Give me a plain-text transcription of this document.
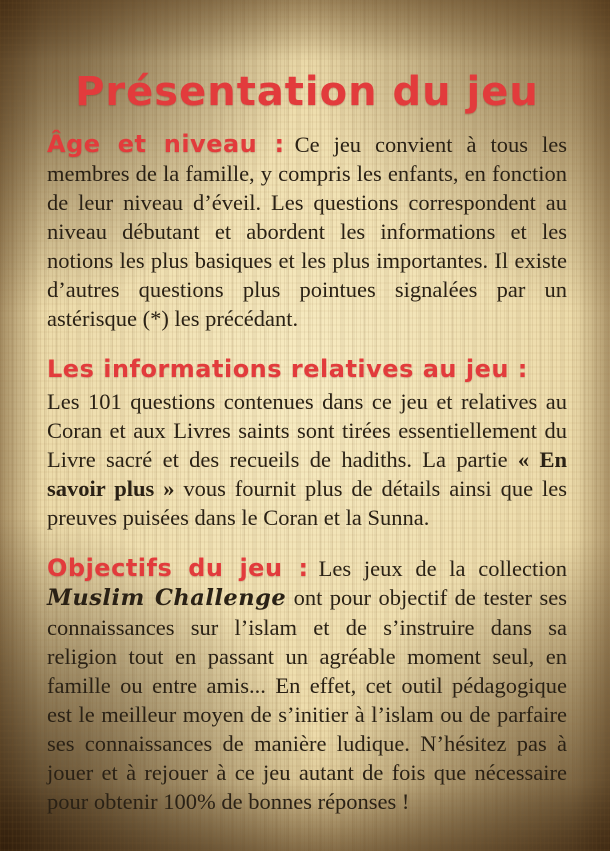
Présentation du jeu

Âge et niveau : Ce jeu convient à tous les membres de la famille, y compris les enfants, en fonction de leur niveau d’éveil. Les questions correspondent au niveau débutant et abordent les informations et les notions les plus basiques et les plus importantes. Il existe d’autres questions plus pointues signalées par un astérisque (*) les précédant.

Les informations relatives au jeu :

Les 101 questions contenues dans ce jeu et relatives au Coran et aux Livres saints sont tirées essentiellement du Livre sacré et des recueils de hadiths. La partie « En savoir plus » vous fournit plus de détails ainsi que les preuves puisées dans le Coran et la Sunna.

Objectifs du jeu : Les jeux de la collection Muslim Challenge ont pour objectif de tester ses connaissances sur l’islam et de s’instruire dans sa religion tout en passant un agréable moment seul, en famille ou entre amis... En effet, cet outil pédagogique est le meilleur moyen de s’initier à l’islam ou de parfaire ses connaissances de manière ludique. N’hésitez pas à jouer et à rejouer à ce jeu autant de fois que nécessaire pour obtenir 100% de bonnes réponses !
